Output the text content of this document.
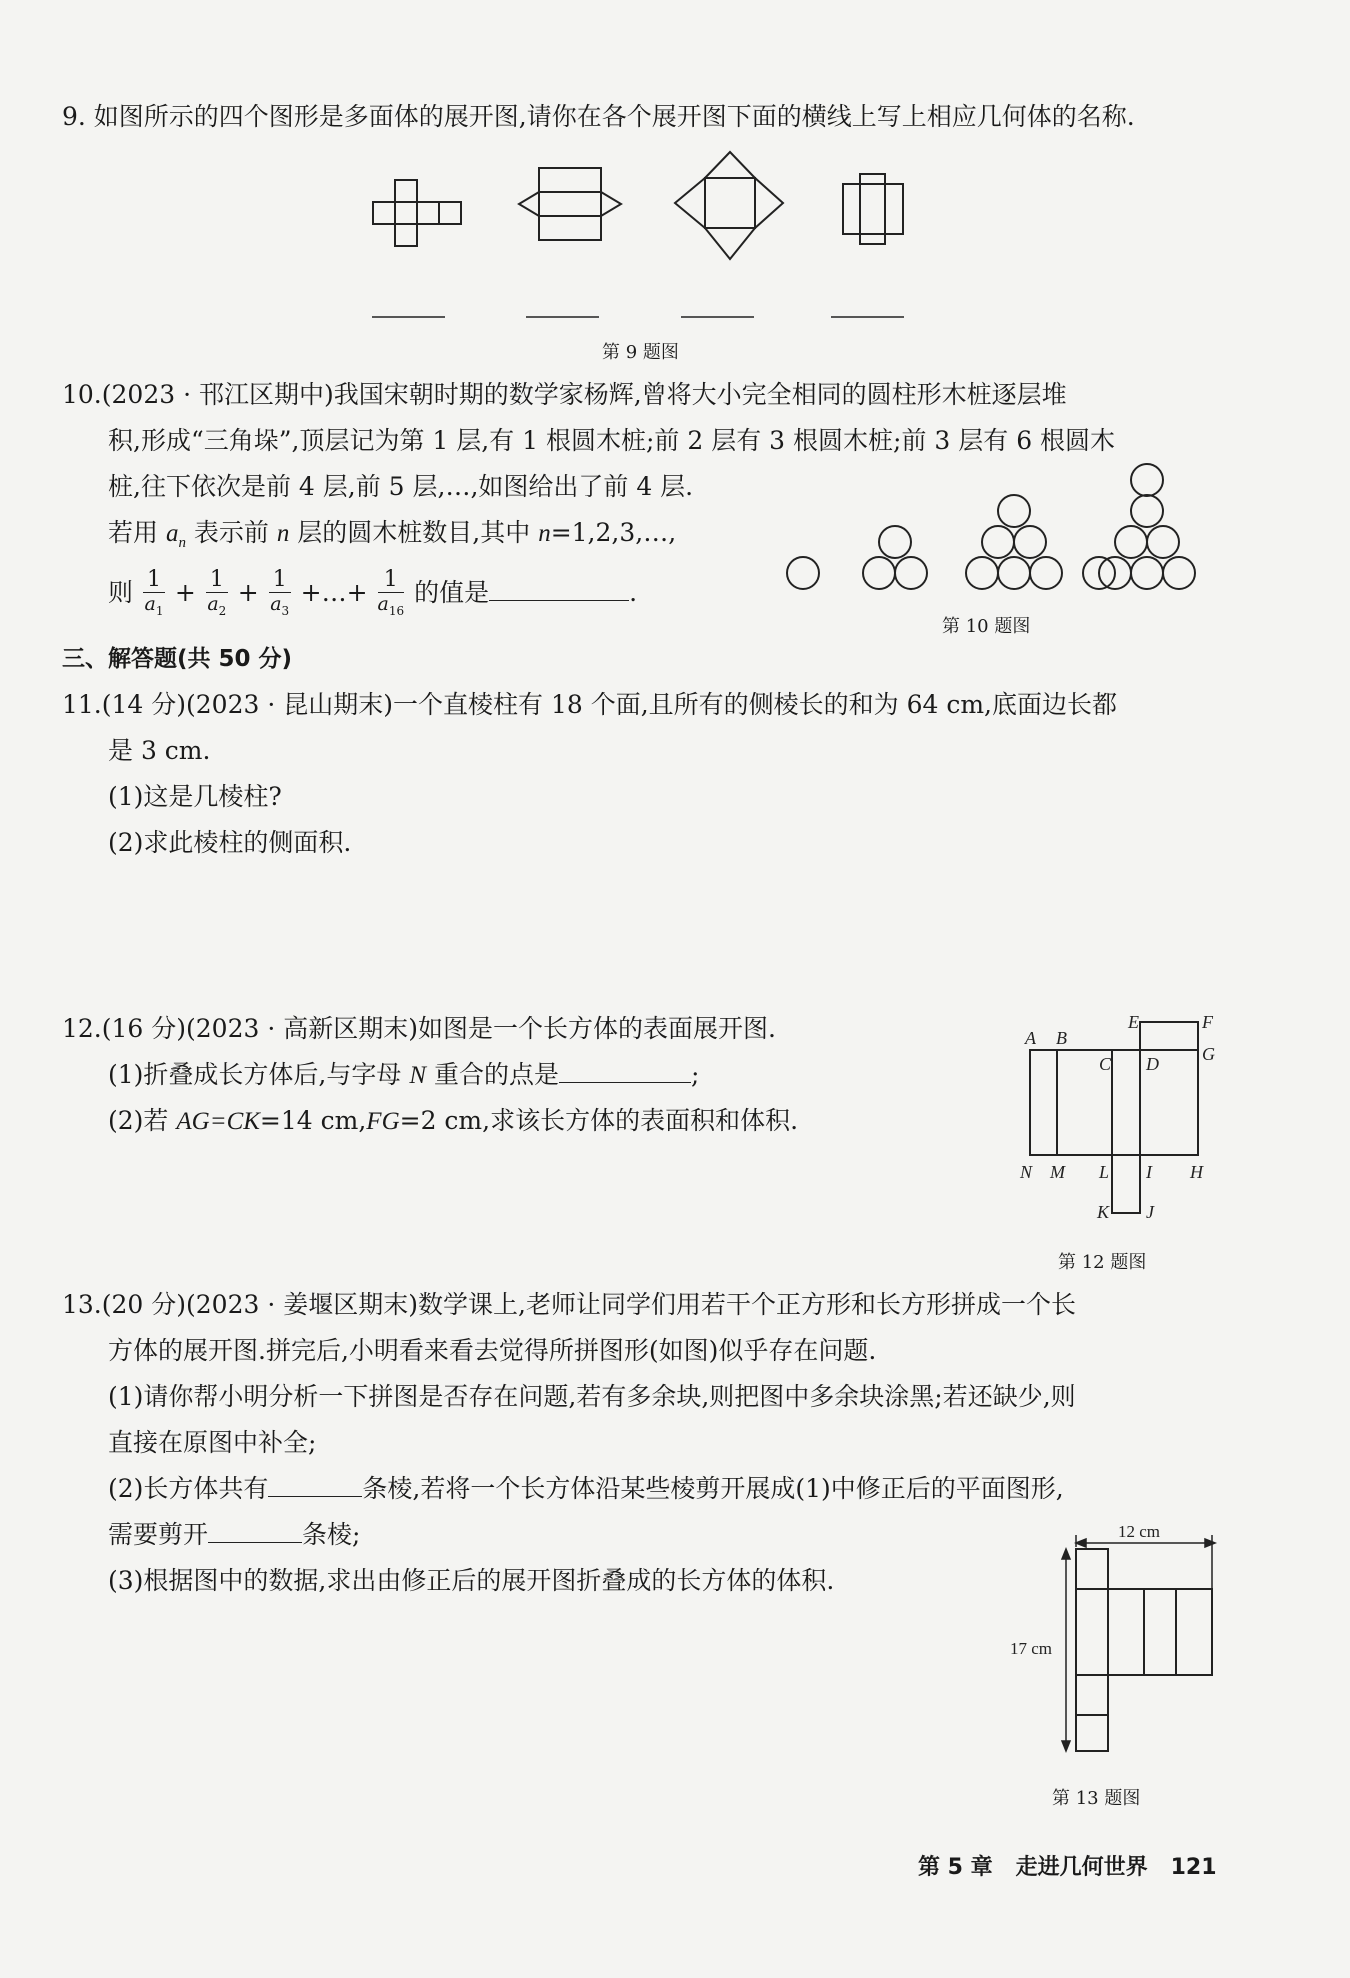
9. 如图所示的四个图形是多面体的展开图,请你在各个展开图下面的横线上写上相应几何体的名称.
第 9 题图
10.(2023 · 邗江区期中)我国宋朝时期的数学家杨辉,曾将大小完全相同的圆柱形木桩逐层堆
积,形成“三角垛”,顶层记为第 1 层,有 1 根圆木桩;前 2 层有 3 根圆木桩;前 3 层有 6 根圆木
桩,往下依次是前 4 层,前 5 层,…,如图给出了前 4 层.
若用 $a_n$ 表示前 n 层的圆木桩数目,其中 n=1,2,3,…,
则 $\frac{1}{a_1} + \frac{1}{a_2} + \frac{1}{a_3}$ +…+ $\frac{1}{a_{16}}$ 的值是	.
第 10 题图
三、解答题(共 50 分)
11.(14 分)(2023 · 昆山期末)一个直棱柱有 18 个面,且所有的侧棱长的和为 64 cm,底面边长都
是 3 cm.
(1)这是几棱柱?
(2)求此棱柱的侧面积.
12.(16 分)(2023 · 高新区期末)如图是一个长方体的表面展开图.
(1)折叠成长方体后,与字母 N 重合的点是	;
(2)若 AG=CK=14 cm,FG=2 cm,求该长方体的表面积和体积.
A B
C D
E	F
G
H
I
J
K
L
M
N
第 12 题图
13.(20 分)(2023 · 姜堰区期末)数学课上,老师让同学们用若干个正方形和长方形拼成一个长
方体的展开图.拼完后,小明看来看去觉得所拼图形(如图)似乎存在问题.
(1)请你帮小明分析一下拼图是否存在问题,若有多余块,则把图中多余块涂黑;若还缺少,则
直接在原图中补全;
(2)长方体共有	条棱,若将一个长方体沿某些棱剪开展成(1)中修正后的平面图形,
需要剪开	条棱;
(3)根据图中的数据,求出由修正后的展开图折叠成的长方体的体积.
12 cm
17 cm
第 13 题图
第 5 章 走进几何世界 121
